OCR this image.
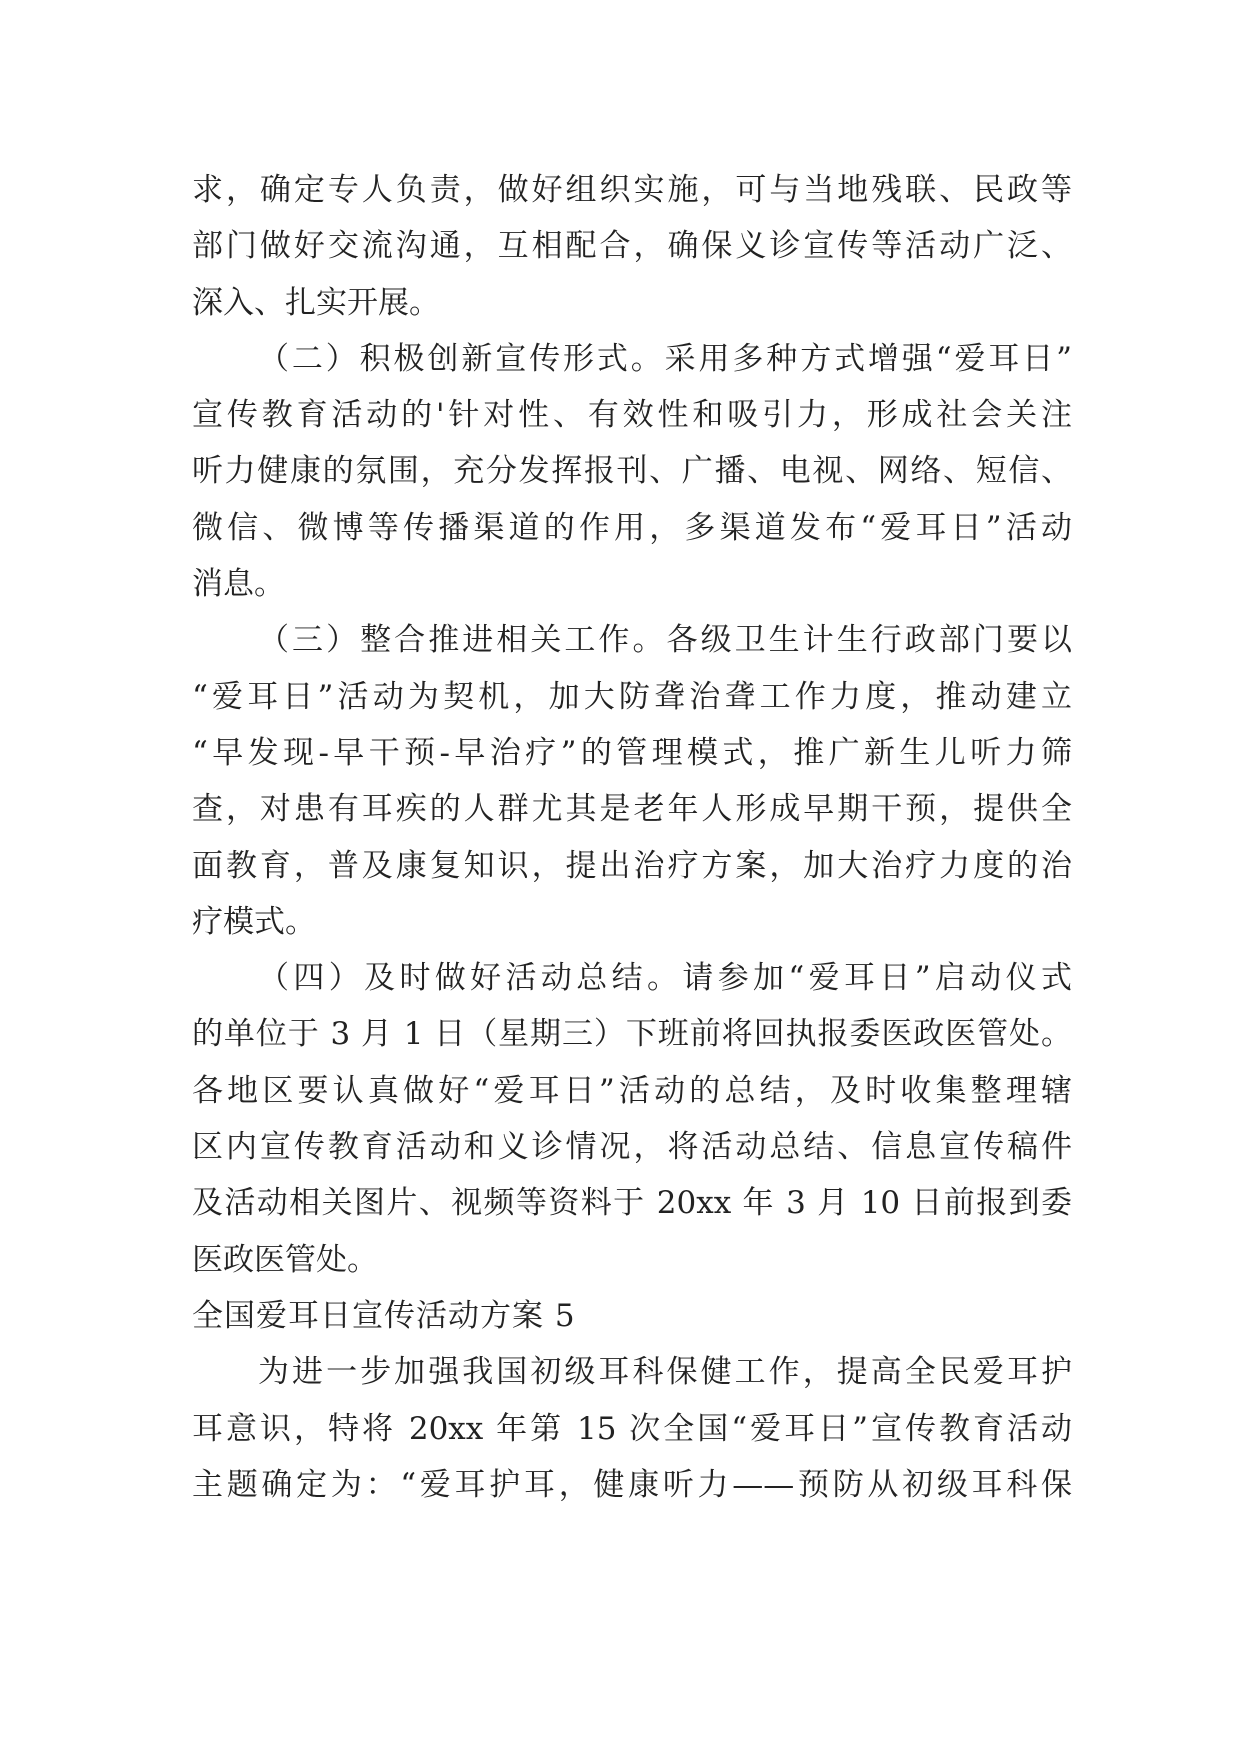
求，确定专人负责，做好组织实施，可与当地残联、民政等
部门做好交流沟通，互相配合，确保义诊宣传等活动广泛、
深入、扎实开展。
（二）积极创新宣传形式。采用多种方式增强“爱耳日”
宣传教育活动的'针对性、有效性和吸引力，形成社会关注
听力健康的氛围，充分发挥报刊、广播、电视、网络、短信、
微信、微博等传播渠道的作用，多渠道发布“爱耳日”活动
消息。
（三）整合推进相关工作。各级卫生计生行政部门要以
“爱耳日”活动为契机，加大防聋治聋工作力度，推动建立
“早发现-早干预-早治疗”的管理模式，推广新生儿听力筛
查，对患有耳疾的人群尤其是老年人形成早期干预，提供全
面教育，普及康复知识，提出治疗方案，加大治疗力度的治
疗模式。
（四）及时做好活动总结。请参加“爱耳日”启动仪式
的单位于 3 月 1 日（星期三）下班前将回执报委医政医管处。
各地区要认真做好“爱耳日”活动的总结，及时收集整理辖
区内宣传教育活动和义诊情况，将活动总结、信息宣传稿件
及活动相关图片、视频等资料于 20xx 年 3 月 10 日前报到委
医政医管处。
全国爱耳日宣传活动方案 5
为进一步加强我国初级耳科保健工作，提高全民爱耳护
耳意识，特将 20xx 年第 15 次全国“爱耳日”宣传教育活动
主题确定为：“爱耳护耳，健康听力——预防从初级耳科保
